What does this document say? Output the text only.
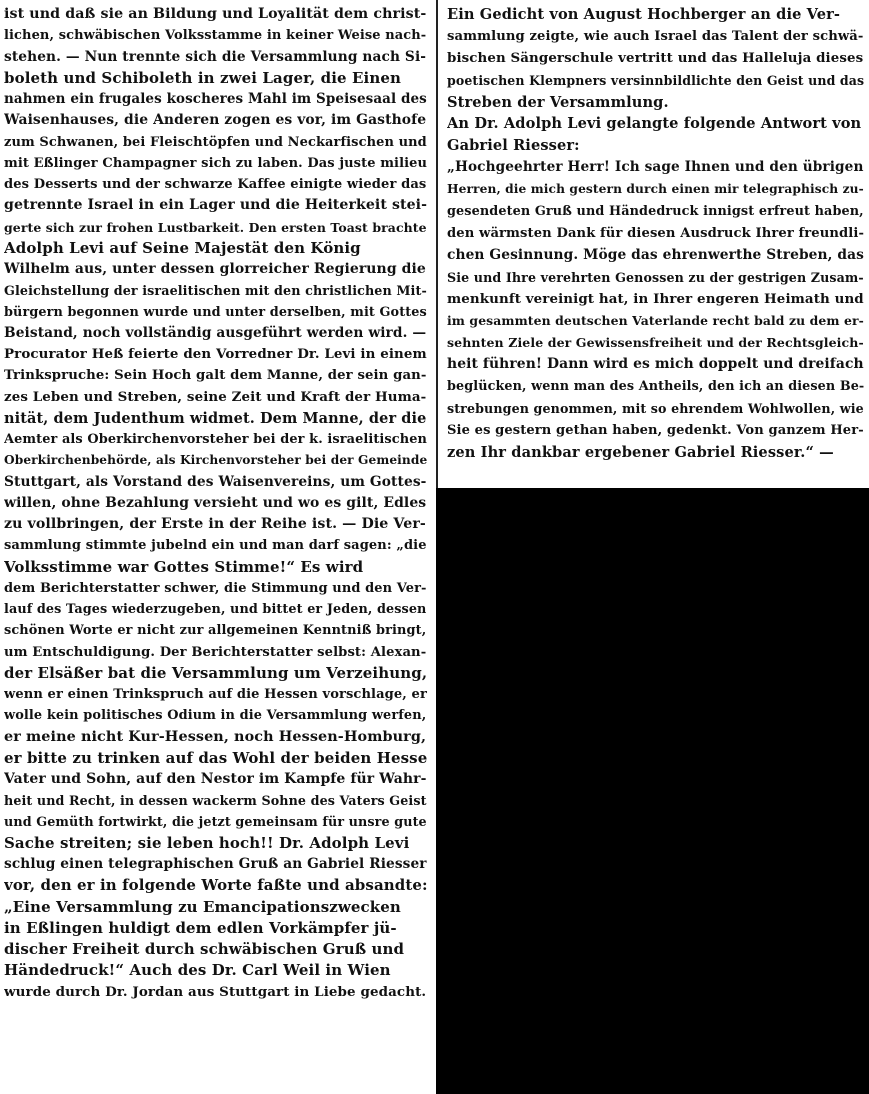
ist und daß sie an Bildung und Loyalität dem christ-
lichen, schwäbischen Volksstamme in keiner Weise nach-
stehen. — Nun trennte sich die Versammlung nach Si-
boleth und Schiboleth in zwei Lager, die Einen
nahmen ein frugales koscheres Mahl im Speisesaal des
Waisenhauses, die Anderen zogen es vor, im Gasthofe
zum Schwanen, bei Fleischtöpfen und Neckarfischen und
mit Eßlinger Champagner sich zu laben. Das juste milieu
des Desserts und der schwarze Kaffee einigte wieder das
getrennte Israel in ein Lager und die Heiterkeit stei-
gerte sich zur frohen Lustbarkeit. Den ersten Toast brachte
Adolph Levi auf Seine Majestät den König
Wilhelm aus, unter dessen glorreicher Regierung die
Gleichstellung der israelitischen mit den christlichen Mit-
bürgern begonnen wurde und unter derselben, mit Gottes
Beistand, noch vollständig ausgeführt werden wird. —
Procurator Heß feierte den Vorredner Dr. Levi in einem
Trinkspruche: Sein Hoch galt dem Manne, der sein gan-
zes Leben und Streben, seine Zeit und Kraft der Huma-
nität, dem Judenthum widmet. Dem Manne, der die
Aemter als Oberkirchenvorsteher bei der k. israelitischen
Oberkirchenbehörde, als Kirchenvorsteher bei der Gemeinde
Stuttgart, als Vorstand des Waisenvereins, um Gottes-
willen, ohne Bezahlung versieht und wo es gilt, Edles
zu vollbringen, der Erste in der Reihe ist. — Die Ver-
sammlung stimmte jubelnd ein und man darf sagen: „die
Volksstimme war Gottes Stimme!“ Es wird
dem Berichterstatter schwer, die Stimmung und den Ver-
lauf des Tages wiederzugeben, und bittet er Jeden, dessen
schönen Worte er nicht zur allgemeinen Kenntniß bringt,
um Entschuldigung. Der Berichterstatter selbst: Alexan-
der Elsäßer bat die Versammlung um Verzeihung,
wenn er einen Trinkspruch auf die Hessen vorschlage, er
wolle kein politisches Odium in die Versammlung werfen,
er meine nicht Kur-Hessen, noch Hessen-Homburg,
er bitte zu trinken auf das Wohl der beiden Hesse
Vater und Sohn, auf den Nestor im Kampfe für Wahr-
heit und Recht, in dessen wackerm Sohne des Vaters Geist
und Gemüth fortwirkt, die jetzt gemeinsam für unsre gute
Sache streiten; sie leben hoch!! Dr. Adolph Levi
schlug einen telegraphischen Gruß an Gabriel Riesser
vor, den er in folgende Worte faßte und absandte:
„Eine Versammlung zu Emancipationszwecken
in Eßlingen huldigt dem edlen Vorkämpfer jü-
discher Freiheit durch schwäbischen Gruß und
Händedruck!“ Auch des Dr. Carl Weil in Wien
wurde durch Dr. Jordan aus Stuttgart in Liebe gedacht.
Ein Gedicht von August Hochberger an die Ver-
sammlung zeigte, wie auch Israel das Talent der schwä-
bischen Sängerschule vertritt und das Halleluja dieses
poetischen Klempners versinnbildlichte den Geist und das
Streben der Versammlung.
An Dr. Adolph Levi gelangte folgende Antwort von
Gabriel Riesser:
„Hochgeehrter Herr! Ich sage Ihnen und den übrigen
Herren, die mich gestern durch einen mir telegraphisch zu-
gesendeten Gruß und Händedruck innigst erfreut haben,
den wärmsten Dank für diesen Ausdruck Ihrer freundli-
chen Gesinnung. Möge das ehrenwerthe Streben, das
Sie und Ihre verehrten Genossen zu der gestrigen Zusam-
menkunft vereinigt hat, in Ihrer engeren Heimath und
im gesammten deutschen Vaterlande recht bald zu dem er-
sehnten Ziele der Gewissensfreiheit und der Rechtsgleich-
heit führen! Dann wird es mich doppelt und dreifach
beglücken, wenn man des Antheils, den ich an diesen Be-
strebungen genommen, mit so ehrendem Wohlwollen, wie
Sie es gestern gethan haben, gedenkt. Von ganzem Her-
zen Ihr dankbar ergebener Gabriel Riesser.“ —
